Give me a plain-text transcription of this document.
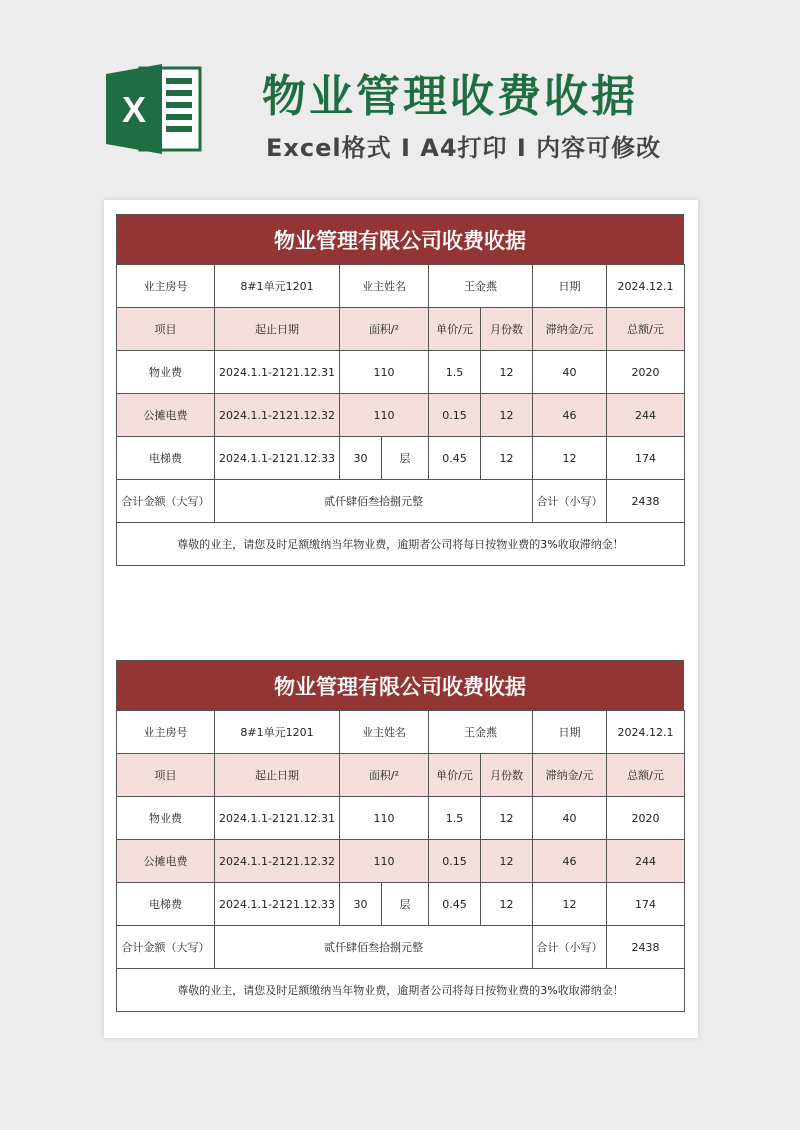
X	物业管理收费收据
Excel格式 I A4打印 I 内容可修改
物业管理有限公司收费收据
业主房号	8#1单元1201	业主姓名		王金燕		日期	2024.12.1
项目	起止日期	面积/²		单价/元	月份数	滞纳金/元	总额/元
物业费	2024.1.1-2121.12.31	110		1.5	12	40	2020
公摊电费	2024.1.1-2121.12.32	110		0.15	12	46	244
电梯费	2024.1.1-2121.12.33	30	层	0.45	12	12	174
合计金额（大写）	贰仟肆佰叁拾捌元整					合计（小写）	2438
尊敬的业主，请您及时足额缴纳当年物业费，逾期者公司将每日按物业费的3%收取滞纳金！							
物业管理有限公司收费收据
业主房号	8#1单元1201	业主姓名		王金燕		日期	2024.12.1
项目	起止日期	面积/²		单价/元	月份数	滞纳金/元	总额/元
物业费	2024.1.1-2121.12.31	110		1.5	12	40	2020
公摊电费	2024.1.1-2121.12.32	110		0.15	12	46	244
电梯费	2024.1.1-2121.12.33	30	层	0.45	12	12	174
合计金额（大写）	贰仟肆佰叁拾捌元整					合计（小写）	2438
尊敬的业主，请您及时足额缴纳当年物业费，逾期者公司将每日按物业费的3%收取滞纳金！							
